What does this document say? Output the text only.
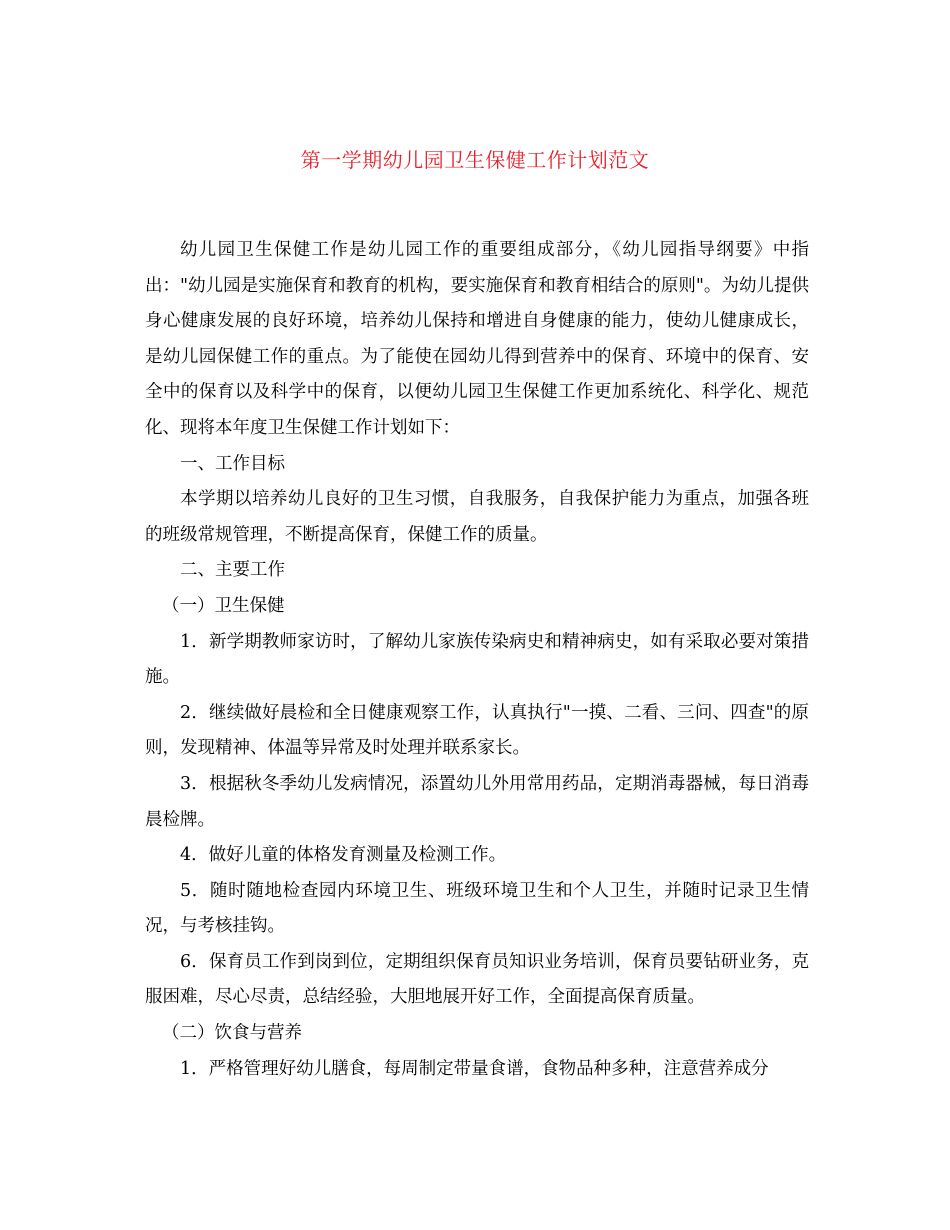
第一学期幼儿园卫生保健工作计划范文

幼儿园卫生保健工作是幼儿园工作的重要组成部分，《幼儿园指导纲要》中指出："幼儿园是实施保育和教育的机构，要实施保育和教育相结合的原则"。为幼儿提供身心健康发展的良好环境，培养幼儿保持和增进自身健康的能力，使幼儿健康成长，是幼儿园保健工作的重点。为了能使在园幼儿得到营养中的保育、环境中的保育、安全中的保育以及科学中的保育，以便幼儿园卫生保健工作更加系统化、科学化、规范化、现将本年度卫生保健工作计划如下：

一、工作目标

本学期以培养幼儿良好的卫生习惯，自我服务，自我保护能力为重点，加强各班的班级常规管理，不断提高保育，保健工作的质量。

二、主要工作

（一）卫生保健

1．新学期教师家访时，了解幼儿家族传染病史和精神病史，如有采取必要对策措施。

2．继续做好晨检和全日健康观察工作，认真执行"一摸、二看、三问、四查"的原则，发现精神、体温等异常及时处理并联系家长。

3．根据秋冬季幼儿发病情况，添置幼儿外用常用药品，定期消毒器械，每日消毒晨检牌。

4．做好儿童的体格发育测量及检测工作。

5．随时随地检查园内环境卫生、班级环境卫生和个人卫生，并随时记录卫生情况，与考核挂钩。

6．保育员工作到岗到位，定期组织保育员知识业务培训，保育员要钻研业务，克服困难，尽心尽责，总结经验，大胆地展开好工作，全面提高保育质量。

（二）饮食与营养

1．严格管理好幼儿膳食，每周制定带量食谱，食物品种多种，注意营养成分
